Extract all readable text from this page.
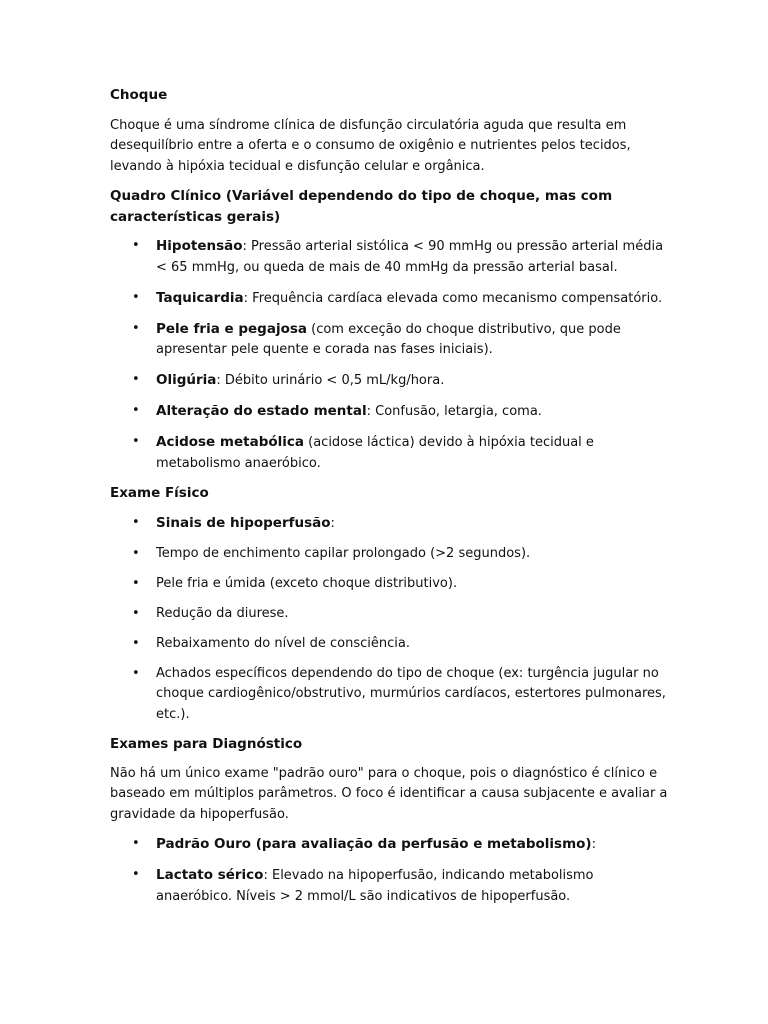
Choque

Choque é uma síndrome clínica de disfunção circulatória aguda que resulta em desequilíbrio entre a oferta e o consumo de oxigênio e nutrientes pelos tecidos, levando à hipóxia tecidual e disfunção celular e orgânica.

Quadro Clínico (Variável dependendo do tipo de choque, mas com características gerais)

• Hipotensão: Pressão arterial sistólica < 90 mmHg ou pressão arterial média < 65 mmHg, ou queda de mais de 40 mmHg da pressão arterial basal.
• Taquicardia: Frequência cardíaca elevada como mecanismo compensatório.
• Pele fria e pegajosa (com exceção do choque distributivo, que pode apresentar pele quente e corada nas fases iniciais).
• Oligúria: Débito urinário < 0,5 mL/kg/hora.
• Alteração do estado mental: Confusão, letargia, coma.
• Acidose metabólica (acidose láctica) devido à hipóxia tecidual e metabolismo anaeróbico.

Exame Físico

• Sinais de hipoperfusão:
• Tempo de enchimento capilar prolongado (>2 segundos).
• Pele fria e úmida (exceto choque distributivo).
• Redução da diurese.
• Rebaixamento do nível de consciência.
• Achados específicos dependendo do tipo de choque (ex: turgência jugular no choque cardiogênico/obstrutivo, murmúrios cardíacos, estertores pulmonares, etc.).

Exames para Diagnóstico

Não há um único exame "padrão ouro" para o choque, pois o diagnóstico é clínico e baseado em múltiplos parâmetros. O foco é identificar a causa subjacente e avaliar a gravidade da hipoperfusão.

• Padrão Ouro (para avaliação da perfusão e metabolismo):
• Lactato sérico: Elevado na hipoperfusão, indicando metabolismo anaeróbico. Níveis > 2 mmol/L são indicativos de hipoperfusão.
